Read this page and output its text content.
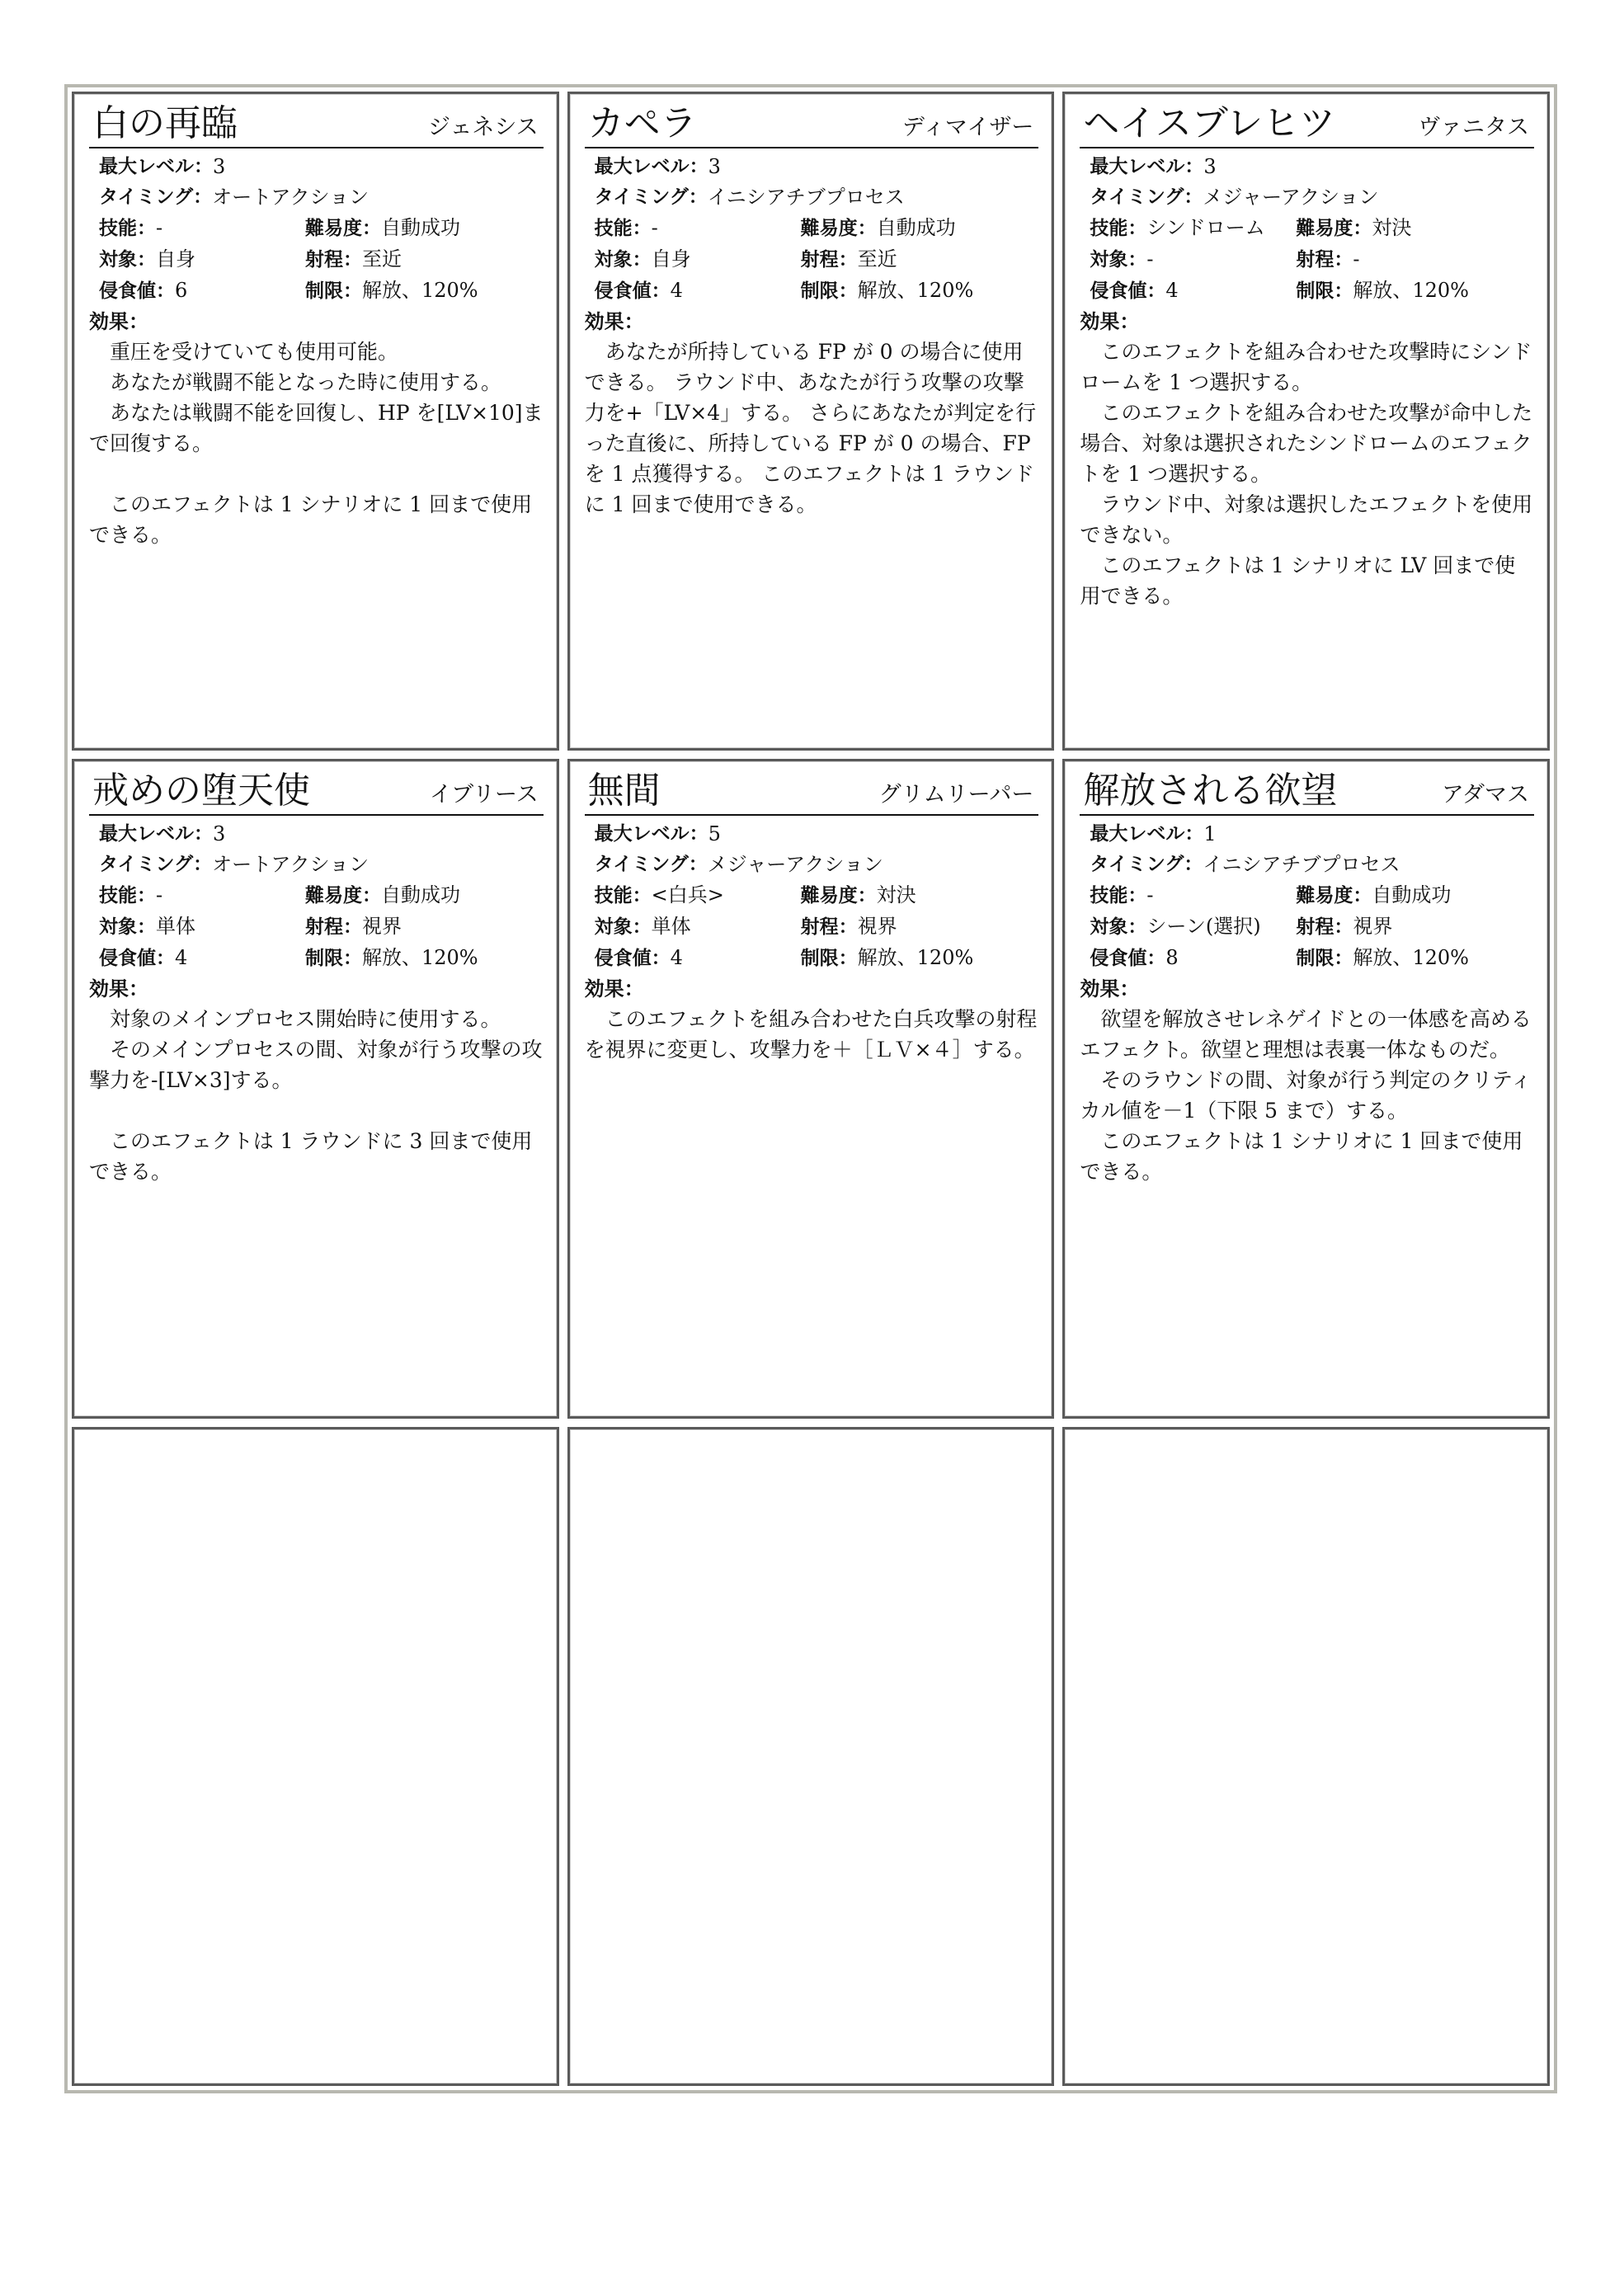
白の再臨	ジェネシス
最大レベル： 3
タイミング： オートアクション
技能：-	難易度：自動成功
対象：自身	射程：至近
侵食値：6	制限：解放、120%
効果：

　重圧を受けていても使用可能。

　あなたが戦闘不能となった時に使用する。

　あなたは戦闘不能を回復し、HP を[LV×10]まで回復する。

　このエフェクトは 1 シナリオに 1 回まで使用できる。

カペラ	ディマイザー
最大レベル： 3
タイミング： イニシアチブプロセス
技能：-	難易度：自動成功
対象：自身	射程：至近
侵食値：4	制限：解放、120%
効果：

　あなたが所持している FP が 0 の場合に使用できる。 ラウンド中、あなたが行う攻撃の攻撃力を+「LV×4」する。 さらにあなたが判定を行った直後に、所持している FP が 0 の場合、FP を 1 点獲得する。 このエフェクトは 1 ラウンドに 1 回まで使用できる。

ヘイスブレヒツ	ヴァニタス
最大レベル： 3
タイミング： メジャーアクション
技能：シンドローム	難易度：対決
対象：-	射程：-
侵食値：4	制限：解放、120%
効果：

　このエフェクトを組み合わせた攻撃時にシンドロームを 1 つ選択する。

　このエフェクトを組み合わせた攻撃が命中した場合、対象は選択されたシンドロームのエフェクトを 1 つ選択する。

　ラウンド中、対象は選択したエフェクトを使用できない。

　このエフェクトは 1 シナリオに LV 回まで使用できる。

戒めの堕天使	イブリース
最大レベル： 3
タイミング： オートアクション
技能：-	難易度：自動成功
対象：単体	射程：視界
侵食値：4	制限：解放、120%
効果：

　対象のメインプロセス開始時に使用する。

　そのメインプロセスの間、対象が行う攻撃の攻撃力を-[LV×3]する。

　このエフェクトは 1 ラウンドに 3 回まで使用できる。

無間	グリムリーパー
最大レベル： 5
タイミング： メジャーアクション
技能：<白兵>	難易度：対決
対象：単体	射程：視界
侵食値：4	制限：解放、120%
効果：

　このエフェクトを組み合わせた白兵攻撃の射程を視界に変更し、攻撃力を＋［ＬＶ×４］する。

解放される欲望	アダマス
最大レベル： 1
タイミング： イニシアチブプロセス
技能：-	難易度：自動成功
対象：シーン(選択)	射程：視界
侵食値：8	制限：解放、120%
効果：

　欲望を解放させレネゲイドとの一体感を高めるエフェクト。欲望と理想は表裏一体なものだ。

　そのラウンドの間、対象が行う判定のクリティカル値を－1（下限 5 まで）する。

　このエフェクトは 1 シナリオに 1 回まで使用できる。
